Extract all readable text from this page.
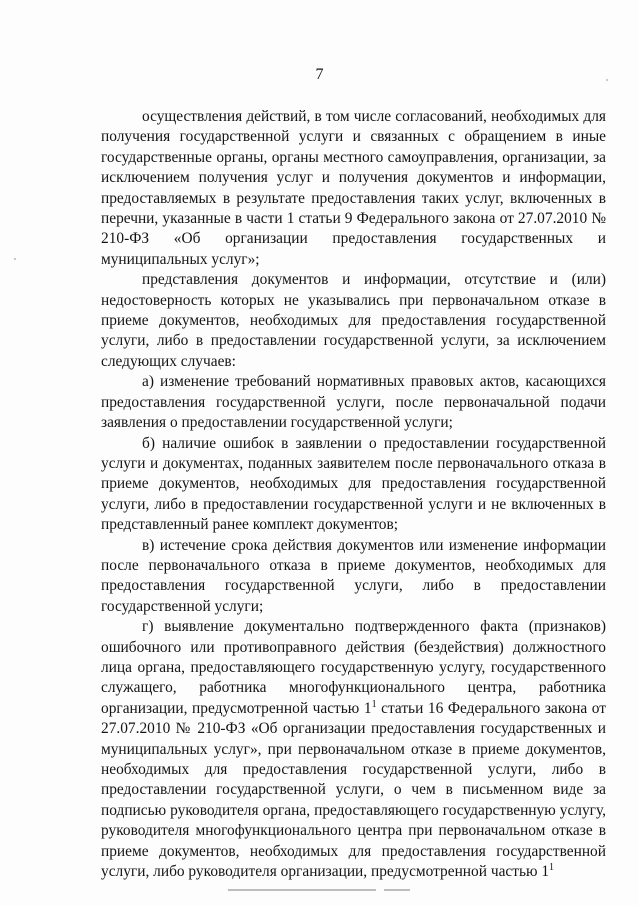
7

осуществления действий, в том числе согласований, необходимых для получения государственной услуги и связанных с обращением в иные государственные органы, органы местного самоуправления, организации, за исключением получения услуг и получения документов и информации, предоставляемых в результате предоставления таких услуг, включенных в перечни, указанные в части 1 статьи 9 Федерального закона от 27.07.2010 № 210-ФЗ «Об организации предоставления государственных и муниципальных услуг»;

представления документов и информации, отсутствие и (или) недостоверность которых не указывались при первоначальном отказе в приеме документов, необходимых для предоставления государственной услуги, либо в предоставлении государственной услуги, за исключением следующих случаев:

а) изменение требований нормативных правовых актов, касающихся предоставления государственной услуги, после первоначальной подачи заявления о предоставлении государственной услуги;

б) наличие ошибок в заявлении о предоставлении государственной услуги и документах, поданных заявителем после первоначального отказа в приеме документов, необходимых для предоставления государственной услуги, либо в предоставлении государственной услуги и не включенных в представленный ранее комплект документов;

в) истечение срока действия документов или изменение информации после первоначального отказа в приеме документов, необходимых для предоставления государственной услуги, либо в предоставлении государственной услуги;

г) выявление документально подтвержденного факта (признаков) ошибочного или противоправного действия (бездействия) должностного лица органа, предоставляющего государственную услугу, государственного служащего, работника многофункционального центра, работника организации, предусмотренной частью $1^1$ статьи 16 Федерального закона от 27.07.2010 № 210-ФЗ «Об организации предоставления государственных и муниципальных услуг», при первоначальном отказе в приеме документов, необходимых для предоставления государственной услуги, либо в предоставлении государственной услуги, о чем в письменном виде за подписью руководителя органа, предоставляющего государственную услугу, руководителя многофункционального центра при первоначальном отказе в приеме документов, необходимых для предоставления государственной услуги, либо руководителя организации, предусмотренной частью $1^1$
